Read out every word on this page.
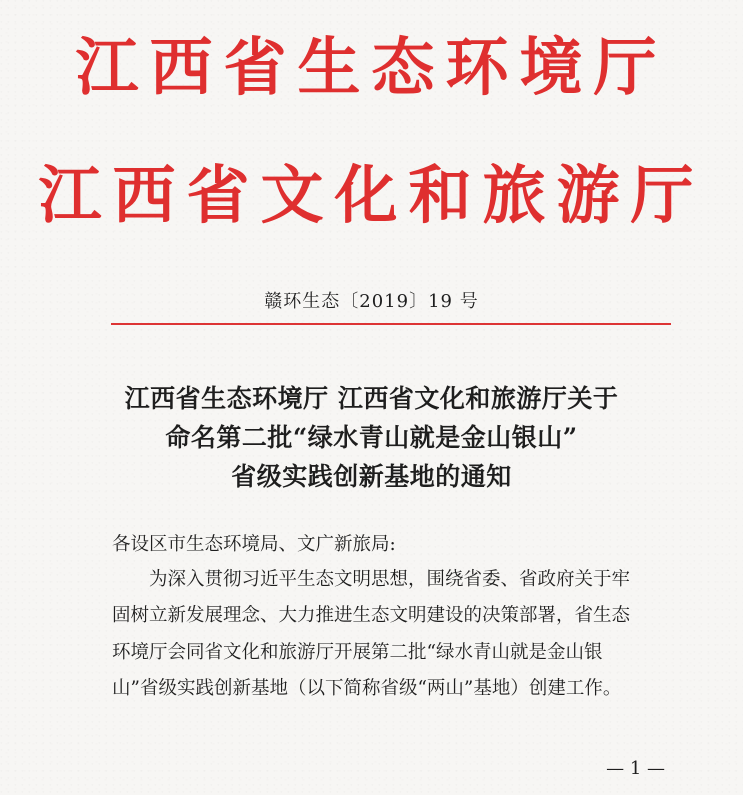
江西省生态环境厅
江西省文化和旅游厅
赣环生态〔2019〕19 号
江西省生态环境厅 江西省文化和旅游厅关于
命名第二批“绿水青山就是金山银山”
省级实践创新基地的通知
各设区市生态环境局、文广新旅局:
为深入贯彻习近平生态文明思想，围绕省委、省政府关于牢
固树立新发展理念、大力推进生态文明建设的决策部署，省生态
环境厅会同省文化和旅游厅开展第二批“绿水青山就是金山银
山”省级实践创新基地（以下简称省级“两山”基地）创建工作。
— 1 —
